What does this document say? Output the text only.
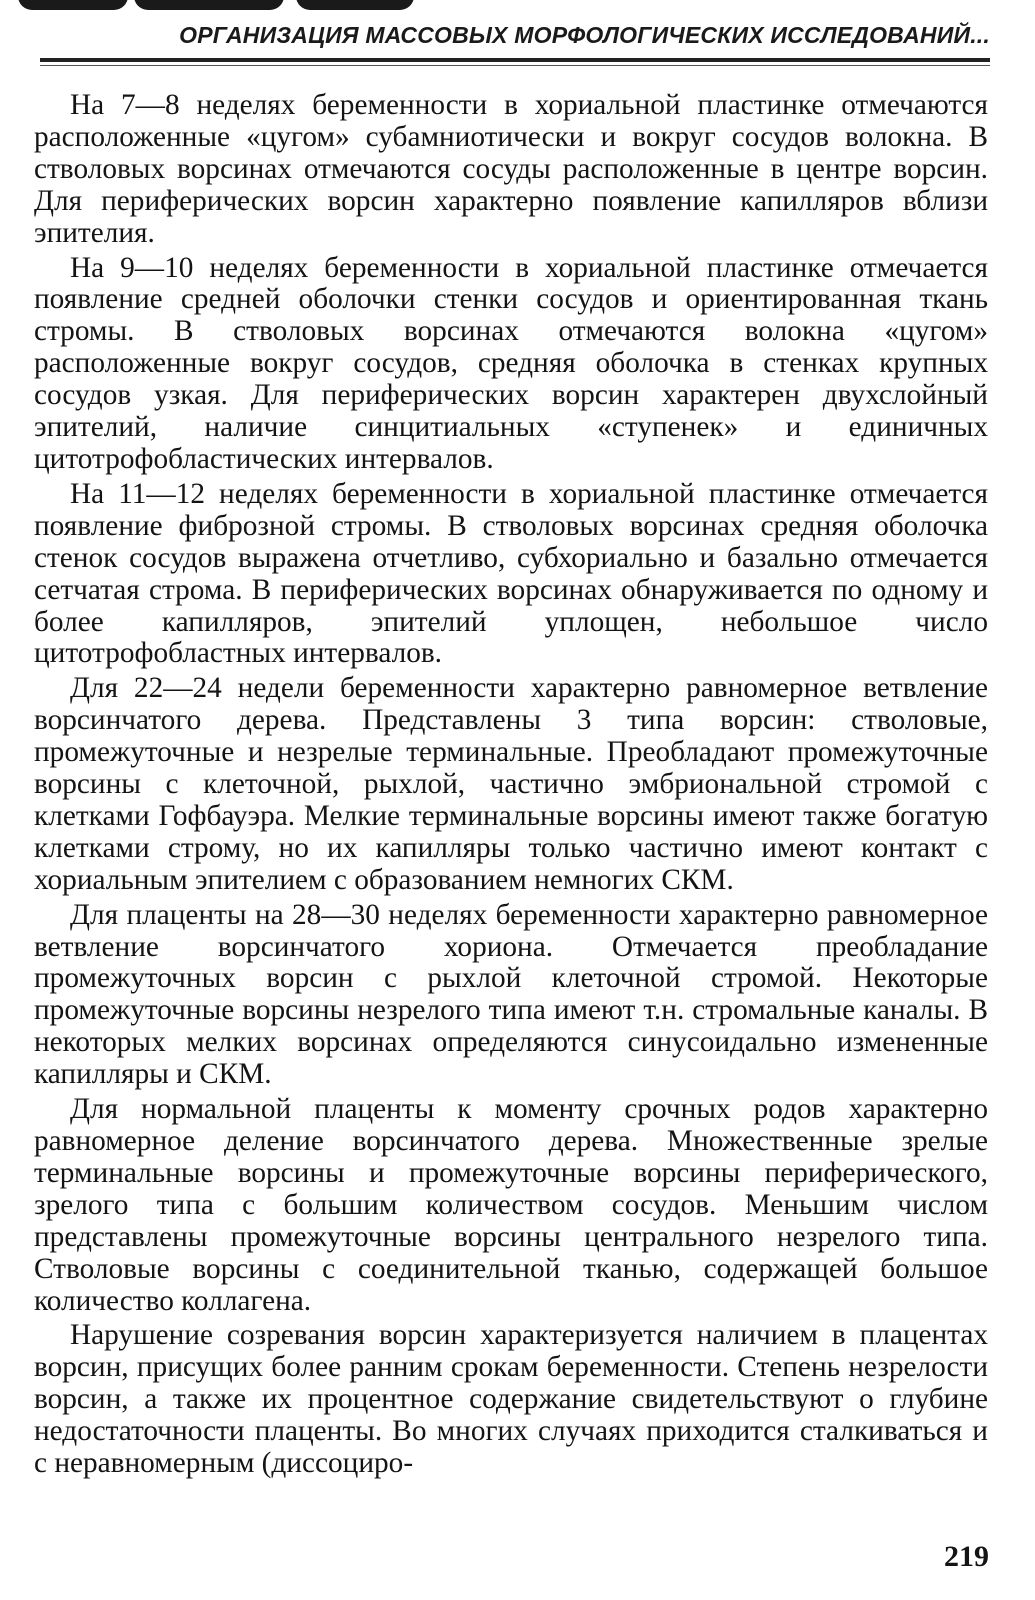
ОРГАНИЗАЦИЯ МАССОВЫХ МОРФОЛОГИЧЕСКИХ ИССЛЕДОВАНИЙ...

На 7—8 неделях беременности в хориальной пластинке отмечаются расположенные «цугом» субамниотически и вокруг сосудов волокна. В стволовых ворсинах отмечаются сосуды расположенные в центре ворсин. Для периферических ворсин характерно появление капилляров вблизи эпителия.

На 9—10 неделях беременности в хориальной пластинке отмечается появление средней оболочки стенки сосудов и ориентированная ткань стромы. В стволовых ворсинах отмечаются волокна «цугом» расположенные вокруг сосудов, средняя оболочка в стенках крупных сосудов узкая. Для периферических ворсин характерен двухслойный эпителий, наличие синцитиальных «ступенек» и единичных цитотрофобластических интервалов.

На 11—12 неделях беременности в хориальной пластинке отмечается появление фиброзной стромы. В стволовых ворсинах средняя оболочка стенок сосудов выражена отчетливо, субхориально и базально отмечается сетчатая строма. В периферических ворсинах обнаруживается по одному и более капилляров, эпителий уплощен, небольшое число цитотрофобластных интервалов.

Для 22—24 недели беременности характерно равномерное ветвление ворсинчатого дерева. Представлены 3 типа ворсин: стволовые, промежуточные и незрелые терминальные. Преобладают промежуточные ворсины с клеточной, рыхлой, частично эмбриональной стромой с клетками Гофбауэра. Мелкие терминальные ворсины имеют также богатую клетками строму, но их капилляры только частично имеют контакт с хориальным эпителием с образованием немногих СКМ.

Для плаценты на 28—30 неделях беременности характерно равномерное ветвление ворсинчатого хориона. Отмечается преобладание промежуточных ворсин с рыхлой клеточной стромой. Некоторые промежуточные ворсины незрелого типа имеют т.н. стромальные каналы. В некоторых мелких ворсинах определяются синусоидально измененные капилляры и СКМ.

Для нормальной плаценты к моменту срочных родов характерно равномерное деление ворсинчатого дерева. Множественные зрелые терминальные ворсины и промежуточные ворсины периферического, зрелого типа с большим количеством сосудов. Меньшим числом представлены промежуточные ворсины центрального незрелого типа. Стволовые ворсины с соединительной тканью, содержащей большое количество коллагена.

Нарушение созревания ворсин характеризуется наличием в плацентах ворсин, присущих более ранним срокам беременности. Степень незрелости ворсин, а также их процентное содержание свидетельствуют о глубине недостаточности плаценты. Во многих случаях приходится сталкиваться и с неравномерным (диссоциро-

219
